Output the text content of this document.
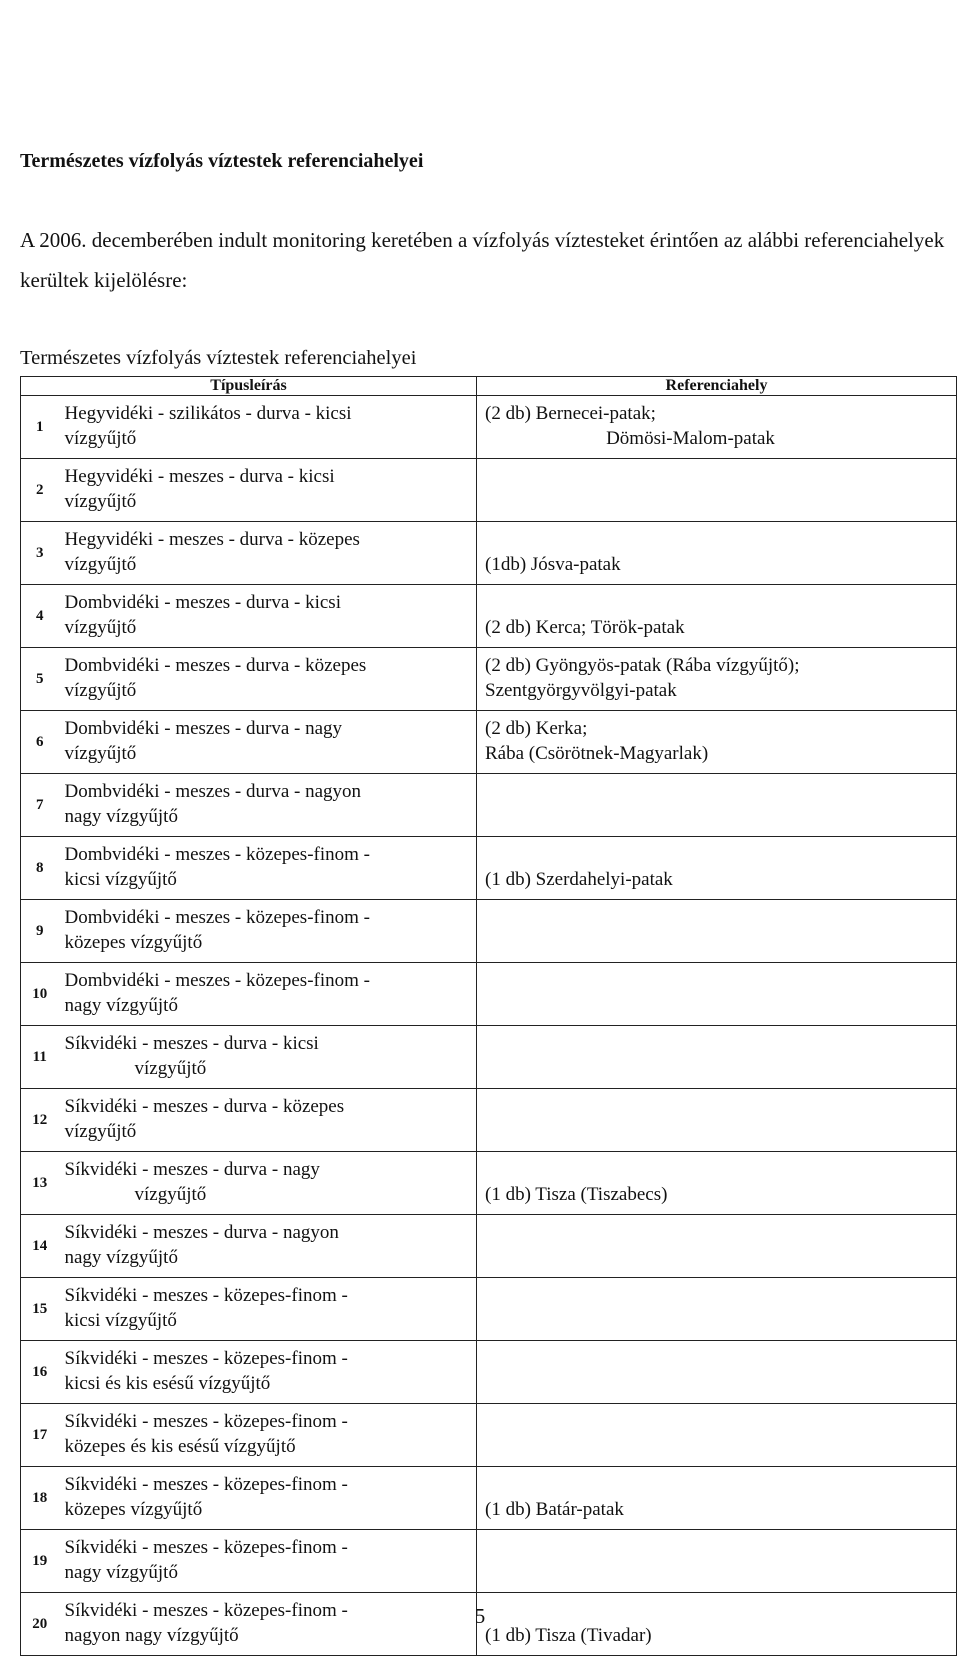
Természetes vízfolyás víztestek referenciahelyei

A 2006. decemberében indult monitoring keretében a vízfolyás víztesteket érintően az alábbi referenciahelyek kerültek kijelölésre:

Természetes vízfolyás víztestek referenciahelyei

Típusleírás		Referenciahely
1	Hegyvidéki - szilikátos - durva - kicsi
vízgyűjtő	(2 db) Bernecei-patak;
Dömösi-Malom-patak

2	Hegyvidéki - meszes - durva - kicsi
vízgyűjtő	

3	Hegyvidéki - meszes - durva - közepes
vízgyűjtő	(1db) Jósva-patak

4	Dombvidéki - meszes - durva - kicsi
vízgyűjtő	(2 db) Kerca; Török-patak

5	Dombvidéki - meszes - durva - közepes
vízgyűjtő	(2 db) Gyöngyös-patak (Rába vízgyűjtő);
Szentgyörgyvölgyi-patak

6	Dombvidéki - meszes - durva - nagy
vízgyűjtő	(2 db) Kerka;
Rába (Csörötnek-Magyarlak)

7	Dombvidéki - meszes - durva - nagyon
nagy vízgyűjtő	

8	Dombvidéki - meszes - közepes-finom -
kicsi vízgyűjtő	(1 db) Szerdahelyi-patak

9	Dombvidéki - meszes - közepes-finom -
közepes vízgyűjtő	

10	Dombvidéki - meszes - közepes-finom -
nagy vízgyűjtő	

11	Síkvidéki - meszes - durva - kicsi
vízgyűjtő	

12	Síkvidéki - meszes - durva - közepes
vízgyűjtő	

13	Síkvidéki - meszes - durva - nagy
vízgyűjtő	(1 db) Tisza (Tiszabecs)

14	Síkvidéki - meszes - durva - nagyon
nagy vízgyűjtő	

15	Síkvidéki - meszes - közepes-finom -
kicsi vízgyűjtő	

16	Síkvidéki - meszes - közepes-finom -
kicsi és kis esésű vízgyűjtő	

17	Síkvidéki - meszes - közepes-finom -
közepes és kis esésű vízgyűjtő	

18	Síkvidéki - meszes - közepes-finom -
közepes vízgyűjtő	(1 db) Batár-patak

19	Síkvidéki - meszes - közepes-finom -
nagy vízgyűjtő	

20	Síkvidéki - meszes - közepes-finom -
nagyon nagy vízgyűjtő	(1 db) Tisza (Tivadar)

5
